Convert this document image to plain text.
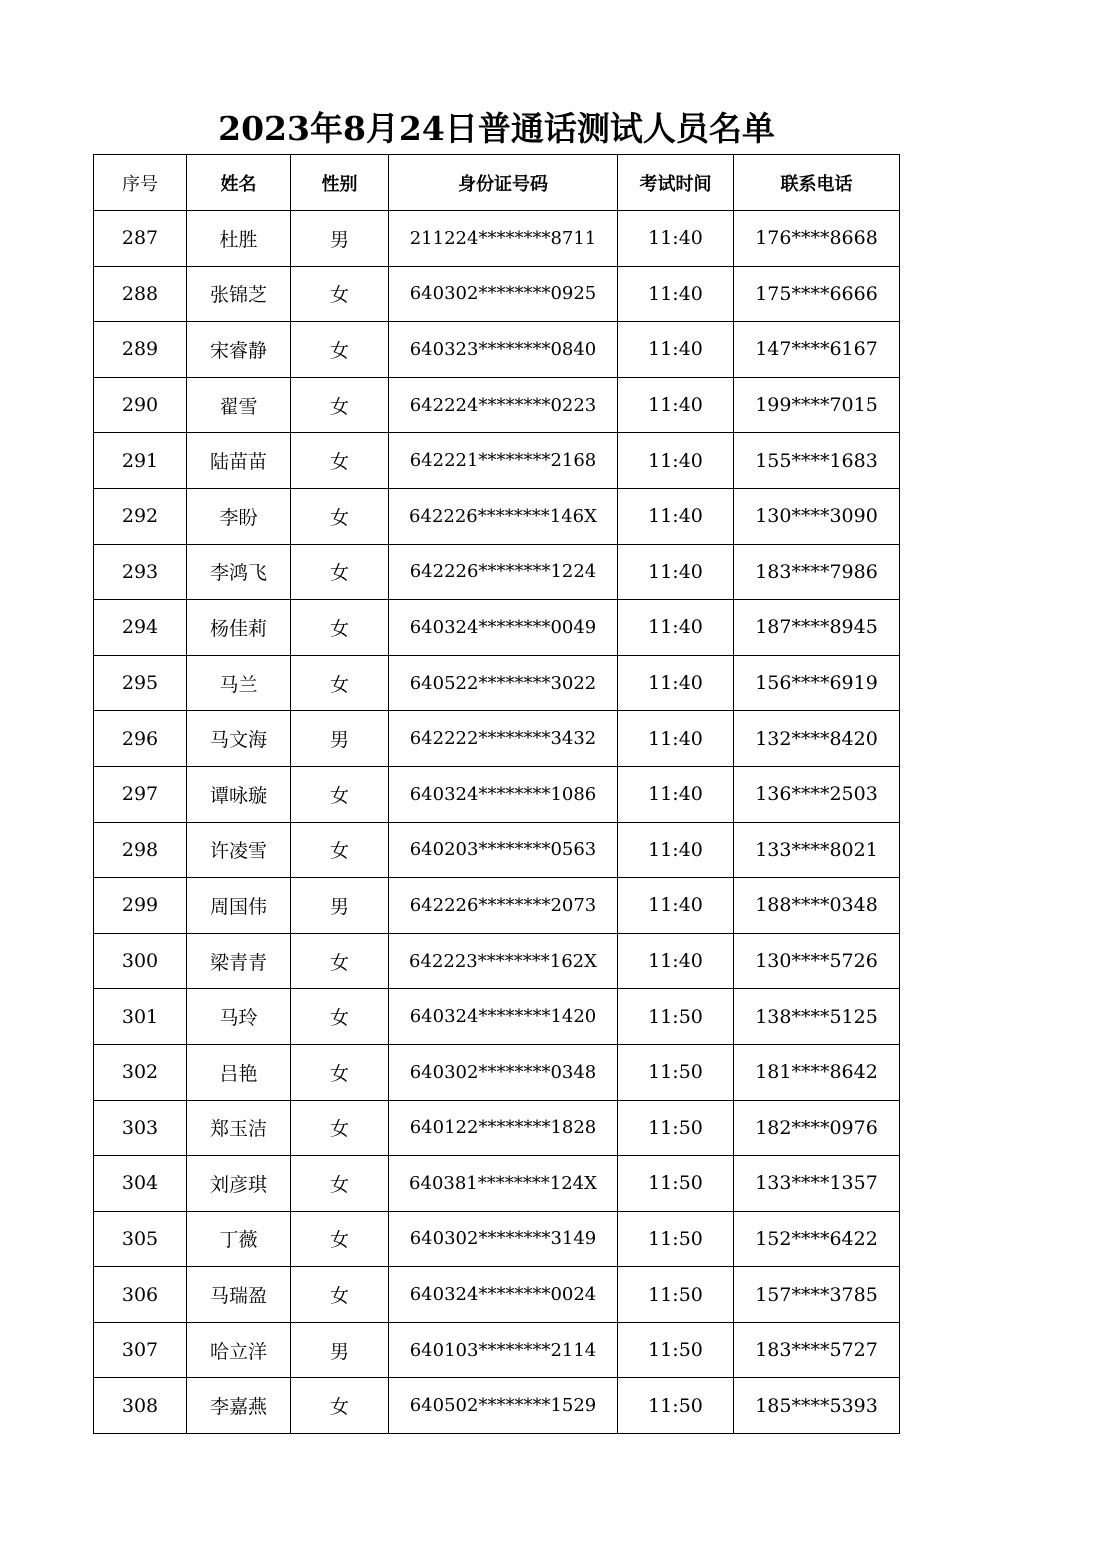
2023年8月24日普通话测试人员名单
序号	姓名	性别	身份证号码	考试时间	联系电话
287	杜胜	男	211224********8711	11:40	176****8668
288	张锦芝	女	640302********0925	11:40	175****6666
289	宋睿静	女	640323********0840	11:40	147****6167
290	翟雪	女	642224********0223	11:40	199****7015
291	陆苗苗	女	642221********2168	11:40	155****1683
292	李盼	女	642226********146X	11:40	130****3090
293	李鸿飞	女	642226********1224	11:40	183****7986
294	杨佳莉	女	640324********0049	11:40	187****8945
295	马兰	女	640522********3022	11:40	156****6919
296	马文海	男	642222********3432	11:40	132****8420
297	谭咏璇	女	640324********1086	11:40	136****2503
298	许凌雪	女	640203********0563	11:40	133****8021
299	周国伟	男	642226********2073	11:40	188****0348
300	梁青青	女	642223********162X	11:40	130****5726
301	马玲	女	640324********1420	11:50	138****5125
302	吕艳	女	640302********0348	11:50	181****8642
303	郑玉洁	女	640122********1828	11:50	182****0976
304	刘彦琪	女	640381********124X	11:50	133****1357
305	丁薇	女	640302********3149	11:50	152****6422
306	马瑞盈	女	640324********0024	11:50	157****3785
307	哈立洋	男	640103********2114	11:50	183****5727
308	李嘉燕	女	640502********1529	11:50	185****5393
